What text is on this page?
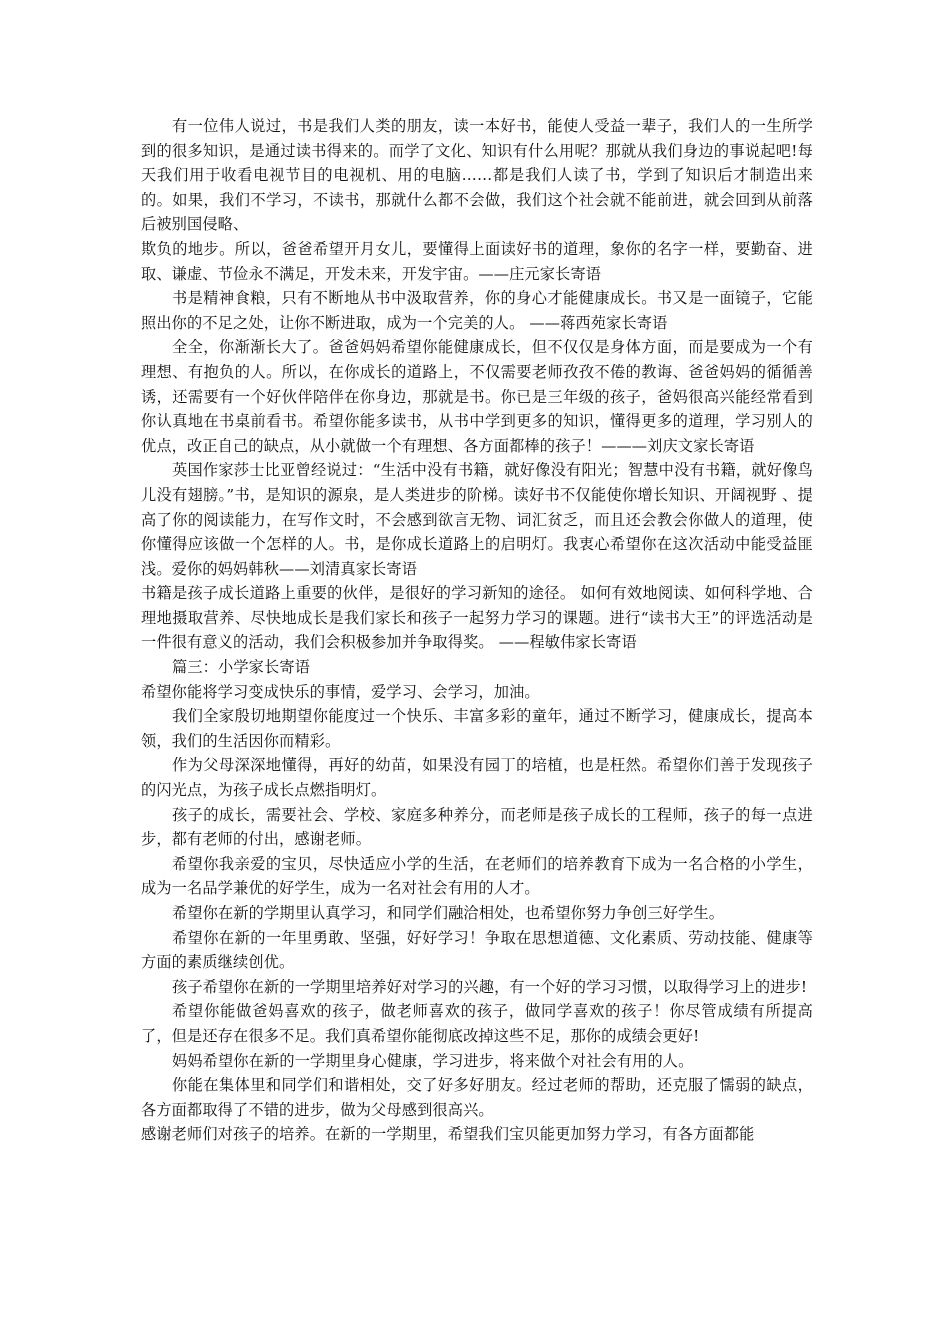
有一位伟人说过，书是我们人类的朋友，读一本好书，能使人受益一辈子，我们人的一生所学到的很多知识，是通过读书得来的。而学了文化、知识有什么用呢？那就从我们身边的事说起吧!每天我们用于收看电视节目的电视机、用的电脑……都是我们人读了书，学到了知识后才制造出来的。如果，我们不学习，不读书，那就什么都不会做，我们这个社会就不能前进，就会回到从前落后被别国侵略、

欺负的地步。所以，爸爸希望开月女儿，要懂得上面读好书的道理，象你的名字一样，要勤奋、进取、谦虚、节俭永不满足，开发未来，开发宇宙。——庄元家长寄语

书是精神食粮，只有不断地从书中汲取营养，你的身心才能健康成长。书又是一面镜子，它能照出你的不足之处，让你不断进取，成为一个完美的人。 ——蒋西苑家长寄语

全全，你渐渐长大了。爸爸妈妈希望你能健康成长，但不仅仅是身体方面，而是要成为一个有理想、有抱负的人。所以，在你成长的道路上，不仅需要老师孜孜不倦的教诲、爸爸妈妈的循循善诱，还需要有一个好伙伴陪伴在你身边，那就是书。你已是三年级的孩子，爸妈很高兴能经常看到你认真地在书桌前看书。希望你能多读书，从书中学到更多的知识，懂得更多的道理，学习别人的优点，改正自己的缺点，从小就做一个有理想、各方面都棒的孩子！———刘庆文家长寄语

英国作家莎士比亚曾经说过：“生活中没有书籍，就好像没有阳光；智慧中没有书籍，就好像鸟儿没有翅膀。”书，是知识的源泉，是人类进步的阶梯。读好书不仅能使你增长知识、开阔视野 、提高了你的阅读能力，在写作文时，不会感到欲言无物、词汇贫乏，而且还会教会你做人的道理，使你懂得应该做一个怎样的人。书，是你成长道路上的启明灯。我衷心希望你在这次活动中能受益匪浅。爱你的妈妈韩秋——刘清真家长寄语

书籍是孩子成长道路上重要的伙伴，是很好的学习新知的途径。 如何有效地阅读、如何科学地、合理地摄取营养、尽快地成长是我们家长和孩子一起努力学习的课题。进行“读书大王”的评选活动是一件很有意义的活动，我们会积极参加并争取得奖。 ——程敏伟家长寄语

篇三：小学家长寄语

希望你能将学习变成快乐的事情，爱学习、会学习，加油。

我们全家殷切地期望你能度过一个快乐、丰富多彩的童年，通过不断学习，健康成长，提高本领，我们的生活因你而精彩。

作为父母深深地懂得，再好的幼苗，如果没有园丁的培植，也是枉然。希望你们善于发现孩子的闪光点，为孩子成长点燃指明灯。

孩子的成长，需要社会、学校、家庭多种养分，而老师是孩子成长的工程师，孩子的每一点进步，都有老师的付出，感谢老师。

希望你我亲爱的宝贝，尽快适应小学的生活，在老师们的培养教育下成为一名合格的小学生，成为一名品学兼优的好学生，成为一名对社会有用的人才。

希望你在新的学期里认真学习，和同学们融洽相处，也希望你努力争创三好学生。

希望你在新的一年里勇敢、坚强，好好学习！争取在思想道德、文化素质、劳动技能、健康等方面的素质继续创优。

孩子希望你在新的一学期里培养好对学习的兴趣，有一个好的学习习惯，以取得学习上的进步!

希望你能做爸妈喜欢的孩子，做老师喜欢的孩子，做同学喜欢的孩子！你尽管成绩有所提高了，但是还存在很多不足。我们真希望你能彻底改掉这些不足，那你的成绩会更好!

妈妈希望你在新的一学期里身心健康，学习进步，将来做个对社会有用的人。

你能在集体里和同学们和谐相处，交了好多好朋友。经过老师的帮助，还克服了懦弱的缺点，各方面都取得了不错的进步，做为父母感到很高兴。

感谢老师们对孩子的培养。在新的一学期里，希望我们宝贝能更加努力学习，有各方面都能
